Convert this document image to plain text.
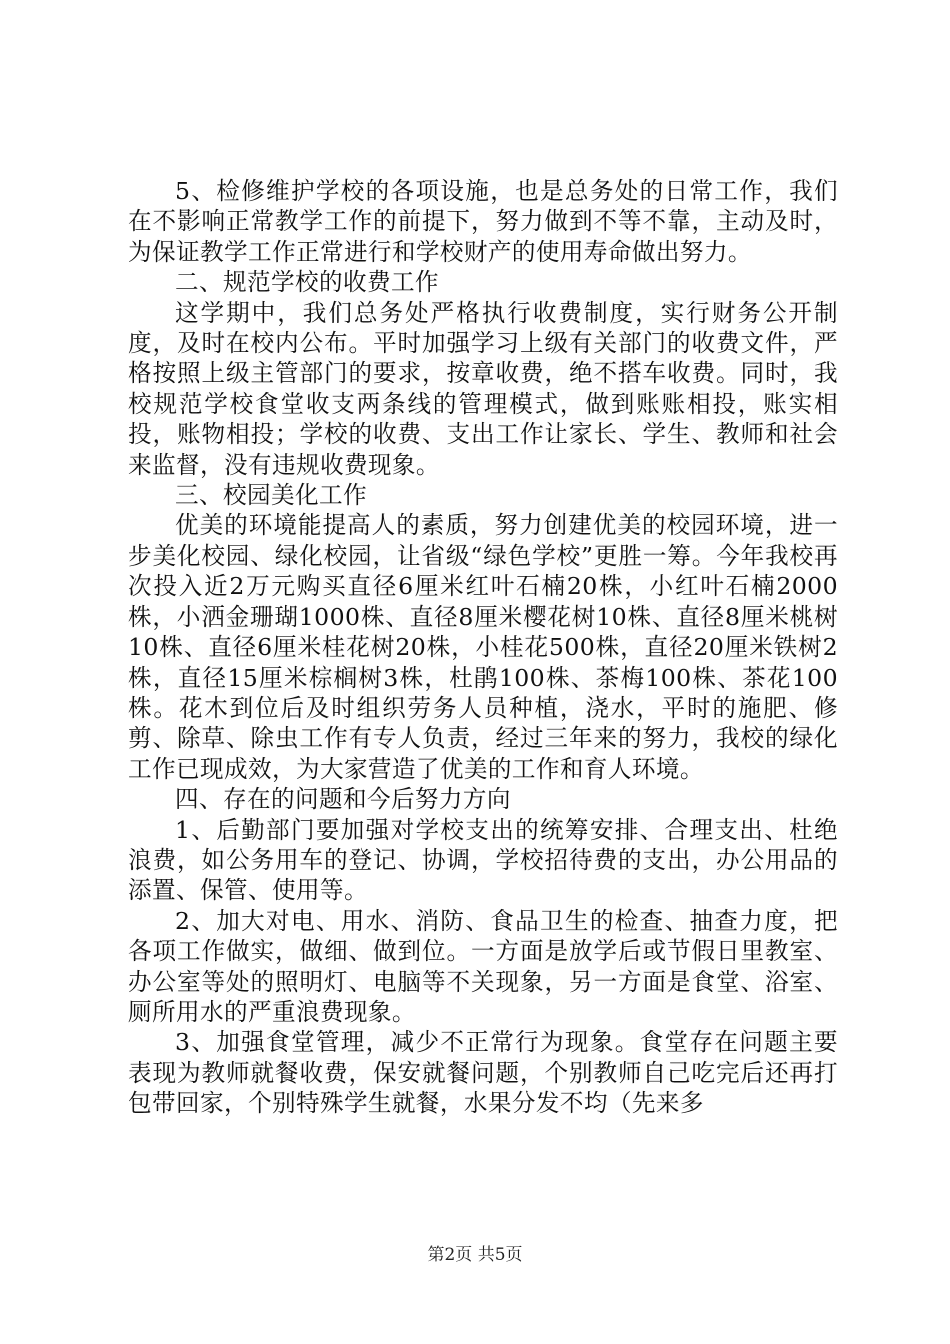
5、检修维护学校的各项设施，也是总务处的日常工作，我们在不影响正常教学工作的前提下，努力做到不等不靠，主动及时，为保证教学工作正常进行和学校财产的使用寿命做出努力。

二、规范学校的收费工作

这学期中，我们总务处严格执行收费制度，实行财务公开制度，及时在校内公布。平时加强学习上级有关部门的收费文件，严格按照上级主管部门的要求，按章收费，绝不搭车收费。同时，我校规范学校食堂收支两条线的管理模式，做到账账相投，账实相投，账物相投；学校的收费、支出工作让家长、学生、教师和社会来监督，没有违规收费现象。

三、校园美化工作

优美的环境能提高人的素质，努力创建优美的校园环境，进一步美化校园、绿化校园，让省级“绿色学校”更胜一筹。今年我校再次投入近2万元购买直径6厘米红叶石楠20株，小红叶石楠2000株，小洒金珊瑚1000株、直径8厘米樱花树10株、直径8厘米桃树10株、直径6厘米桂花树20株，小桂花500株，直径20厘米铁树2株，直径15厘米棕榈树3株，杜鹃100株、茶梅100株、茶花100株。花木到位后及时组织劳务人员种植，浇水，平时的施肥、修剪、除草、除虫工作有专人负责，经过三年来的努力，我校的绿化工作已现成效，为大家营造了优美的工作和育人环境。

四、存在的问题和今后努力方向

1、后勤部门要加强对学校支出的统筹安排、合理支出、杜绝浪费，如公务用车的登记、协调，学校招待费的支出，办公用品的添置、保管、使用等。

2、加大对电、用水、消防、食品卫生的检查、抽查力度，把各项工作做实，做细、做到位。一方面是放学后或节假日里教室、办公室等处的照明灯、电脑等不关现象，另一方面是食堂、浴室、厕所用水的严重浪费现象。

3、加强食堂管理，减少不正常行为现象。食堂存在问题主要表现为教师就餐收费，保安就餐问题，个别教师自己吃完后还再打包带回家，个别特殊学生就餐，水果分发不均（先来多

第2页 共5页
